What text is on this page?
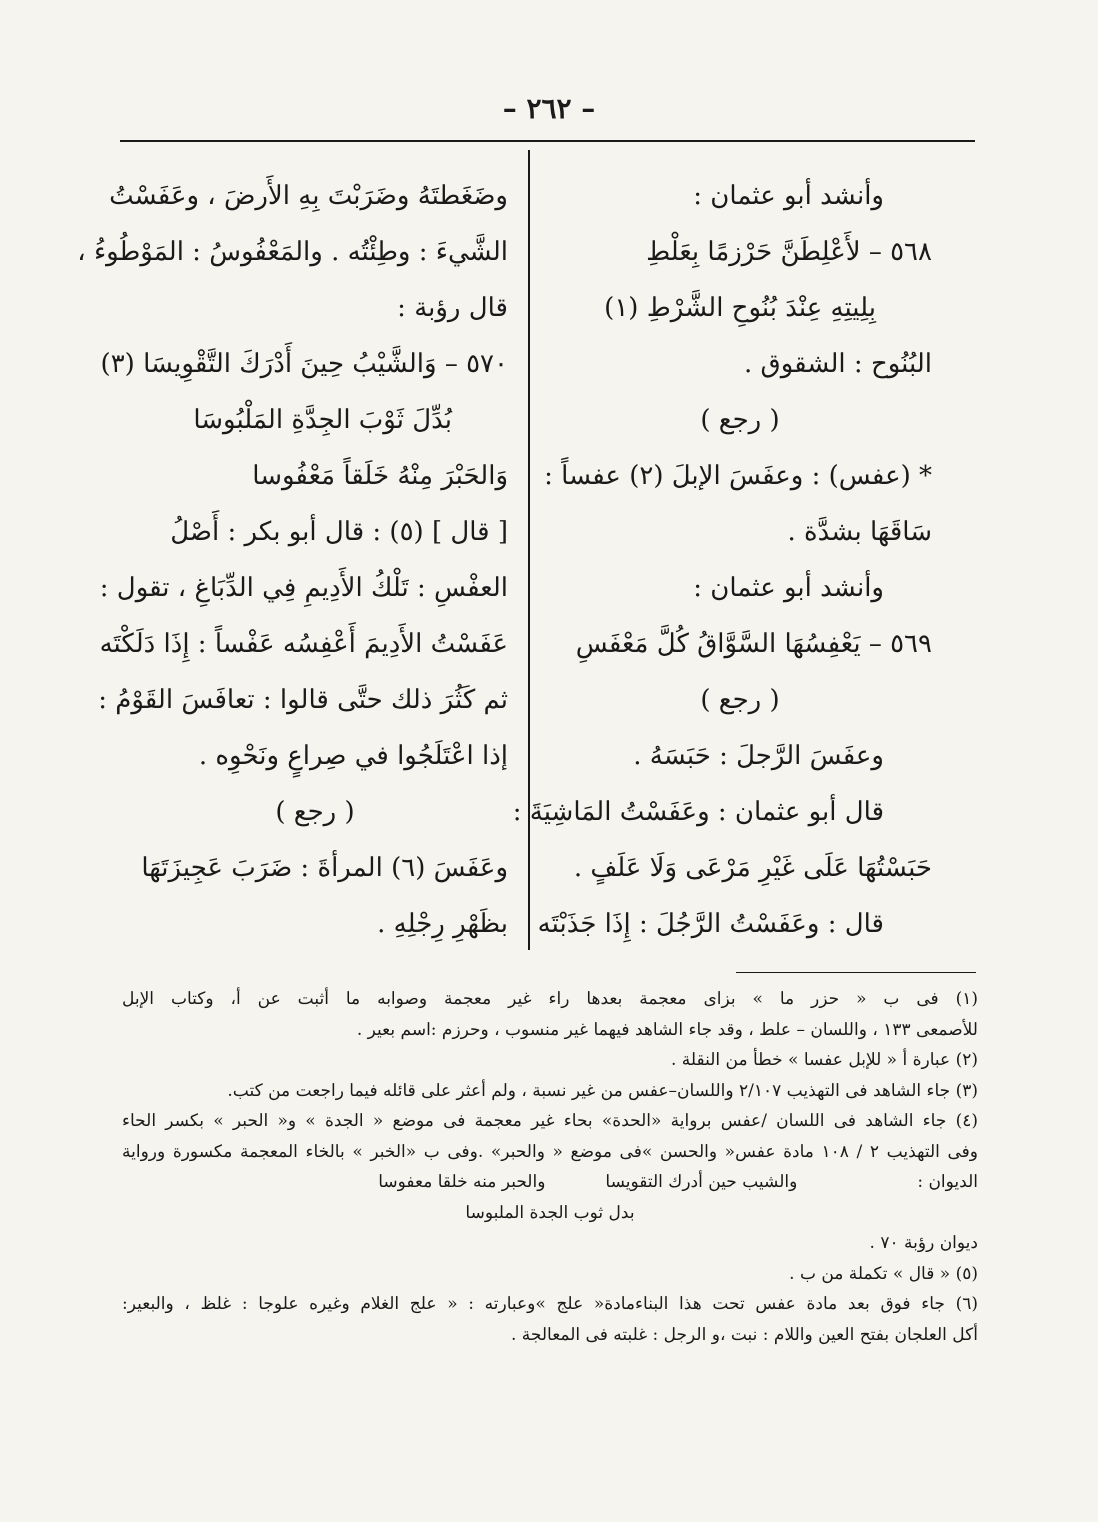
– ٢٦٢ –
وأنشد أبو عثمان :
٥٦٨ – لأَعْلِطَنَّ حَرْزمًا بِعَلْطِ
بِلِيتِهِ عِنْدَ بُنُوحِ الشَّرْطِ (١)
البُنُوح : الشقوق .
( رجع )
* (عفس) : وعفَسَ الإبلَ (٢) عفساً :
سَاقَهَا بشدَّة .
وأنشد أبو عثمان :
٥٦٩ – يَعْفِسُهَا السَّوَّاقُ كُلَّ مَعْفَسِ
( رجع )
وعفَسَ الرَّجلَ : حَبَسَهُ .
قال أبو عثمان : وعَفَسْتُ المَاشِيَةَ :
حَبَسْتُهَا عَلَى غَيْرِ مَرْعَى وَلَا عَلَفٍ .
قال : وعَفَسْتُ الرَّجُلَ : إِذَا جَذَبْتَه
وضَغَطتَهُ وضَرَبْتَ بِهِ الأَرضَ ، وعَفَسْتُ
الشَّيءَ : وطِئْتُه . والمَعْفُوسُ : المَوْطُوءُ ،
قال رؤبة :
٥٧٠ – وَالشَّيْبُ حِينَ أَدْرَكَ التَّقْوِيسَا (٣)
بُدِّلَ ثَوْبَ الجِدَّةِ المَلْبُوسَا
وَالحَبْرَ مِنْهُ خَلَقاً مَعْفُوسا
[ قال ] (٥) : قال أبو بكر : أَصْلُ
العفْسِ : تَلْكُ الأَدِيمِ فِي الدِّبَاغِ ، تقول :
عَفَسْتُ الأَدِيمَ أَعْفِسُه عَفْساً : إِذَا دَلَكْتَه
ثم كَثُرَ ذلك حتَّى قالوا : تعافَسَ القَوْمُ :
إذا اعْتَلَجُوا في صِراعٍ ونَحْوِه .
( رجع )
وعَفَسَ (٦) المرأةَ : ضَرَبَ عَجِيزَتَهَا
بظَهْرِ رِجْلِهِ .
(١) فى ب « حزر ما » بزاى معجمة بعدها راء غير معجمة وصوابه ما أثبت عن أ، وكتاب الإبل
للأصمعى ١٣٣ ، واللسان – علط ، وقد جاء الشاهد فيهما غير منسوب ، وحرزم :اسم بعير .
(٢) عبارة أ « للإبل عفسا » خطأ من النقلة .
(٣) جاء الشاهد فى التهذيب ٢/١٠٧ واللسان–عفس من غير نسبة ، ولم أعثر على قائله فيما راجعت من كتب.
(٤) جاء الشاهد فى اللسان /عفس برواية «الحدة» بحاء غير معجمة فى موضع « الجدة » و« الحبر » بكسر الحاء
وفى التهذيب ٢ / ١٠٨ مادة عفس« والحسن »فى موضع « والحبر» .وفى ب «الخبر » بالخاء المعجمة مكسورة ورواية
الديوان :
والشيب حين أدرك التقويسا
والحبر منه خلقا معفوسا
بدل ثوب الجدة الملبوسا
ديوان رؤبة ٧٠ .
(٥) « قال » تكملة من ب .
(٦) جاء فوق بعد مادة عفس تحت هذا البناءمادة« علج »وعبارته : « علج الغلام وغيره علوجا : غلظ ، والبعير:
أكل العلجان بفتح العين واللام : نبت ،و الرجل : غلبته فى المعالجة .
